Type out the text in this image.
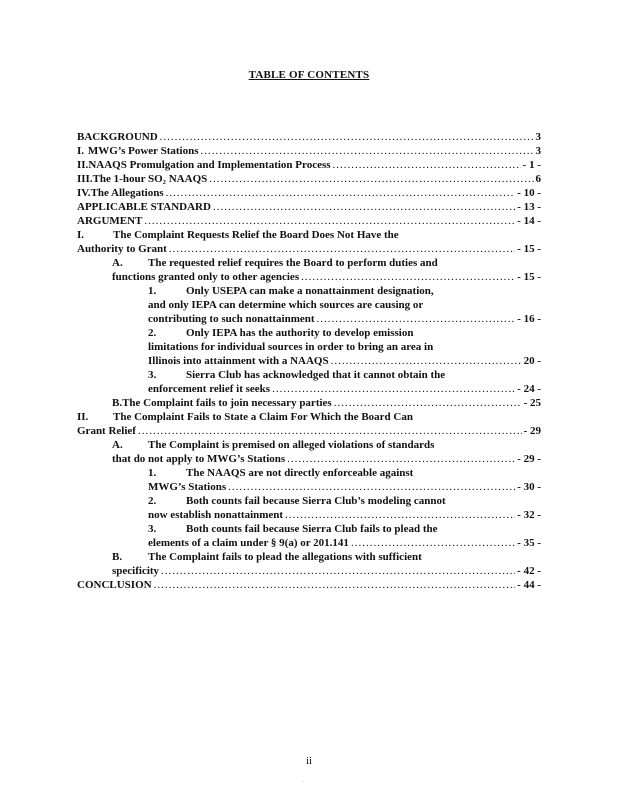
TABLE OF CONTENTS
BACKGROUND .....	3
I. MWG’s Power Stations .....	3
II. NAAQS Promulgation and Implementation Process .....	- 1 -
III. The 1-hour SO₂ NAAQS .....	6
IV. The Allegations .....	- 10 -
APPLICABLE STANDARD .....	- 13 -
ARGUMENT .....	- 14 -
I.	The Complaint Requests Relief the Board Does Not Have the
Authority to Grant .....	- 15 -
A.	The requested relief requires the Board to perform duties and
functions granted only to other agencies .....	- 15 -
1.	Only USEPA can make a nonattainment designation,
and only IEPA can determine which sources are causing or
contributing to such nonattainment .....	- 16 -
2.	Only IEPA has the authority to develop emission
limitations for individual sources in order to bring an area in
Illinois into attainment with a NAAQS .....	20 -
3.	Sierra Club has acknowledged that it cannot obtain the
enforcement relief it seeks .....	- 24 -
B. The Complaint fails to join necessary parties .....	- 25
II.	The Complaint Fails to State a Claim For Which the Board Can
Grant Relief .....	- 29
A.	The Complaint is premised on alleged violations of standards
that do not apply to MWG’s Stations .....	- 29 -
1.	The NAAQS are not directly enforceable against
MWG’s Stations .....	- 30 -
2.	Both counts fail because Sierra Club’s modeling cannot
now establish nonattainment .....	- 32 -
3.	Both counts fail because Sierra Club fails to plead the
elements of a claim under § 9(a) or 201.141 .....	- 35 -
B.	The Complaint fails to plead the allegations with sufficient
specificity .....	- 42 -
CONCLUSION .....	- 44 -
ii
.
